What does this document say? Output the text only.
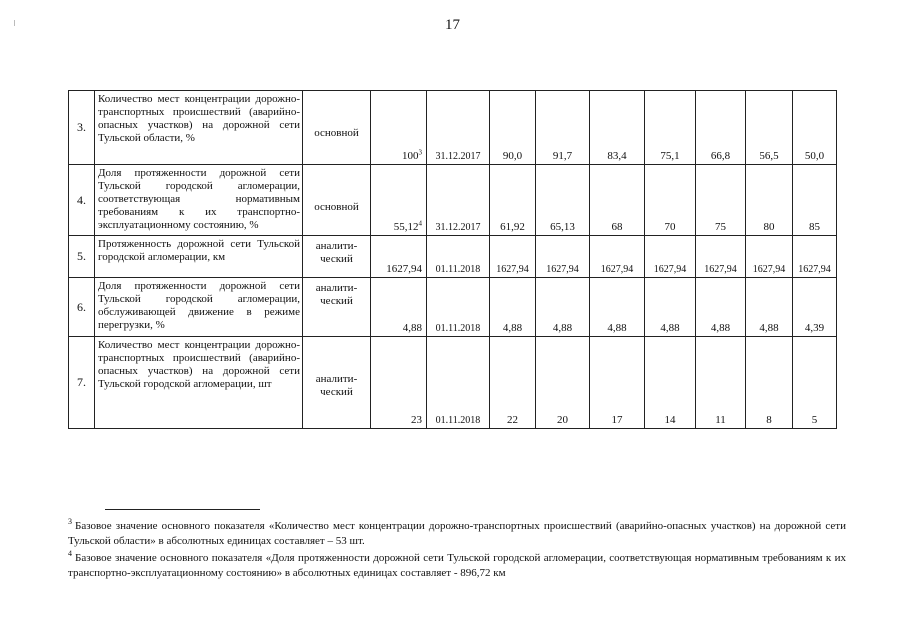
17
3.	Количество мест концентрации дорожно-транспортных происшествий (аварийно-опасных участков) на дорожной сети Тульской области, %	основной	$100^3$	31.12.2017	90,0	91,7	83,4	75,1	66,8	56,5	50,0
4.	Доля протяженности дорожной сети Тульской городской агломерации, соответствующая нормативным требованиям к их транспортно-эксплуатационному состоянию, %	основной	55,12$^4$	31.12.2017	61,92	65,13	68	70	75	80	85
5.	Протяженность дорожной сети Тульской городской агломерации, км	аналити-ческий	1627,94	01.11.2018	1627,94	1627,94	1627,94	1627,94	1627,94	1627,94	1627,94
6.	Доля протяженности дорожной сети Тульской городской агломерации, обслуживающей движение в режиме перегрузки, %	аналити-ческий	4,88	01.11.2018	4,88	4,88	4,88	4,88	4,88	4,88	4,39
7.	Количество мест концентрации дорожно-транспортных происшествий (аварийно-опасных участков) на дорожной сети Тульской городской агломерации, шт	аналити-ческий	23	01.11.2018	22	20	17	14	11	8	5
$^3$ Базовое значение основного показателя «Количество мест концентрации дорожно-транспортных происшествий (аварийно-опасных участков) на дорожной сети Тульской области» в абсолютных единицах составляет – 53 шт.
$^4$ Базовое значение основного показателя «Доля протяженности дорожной сети Тульской городской агломерации, соответствующая нормативным требованиям к их транспортно-эксплуатационному состоянию» в абсолютных единицах составляет - 896,72 км
